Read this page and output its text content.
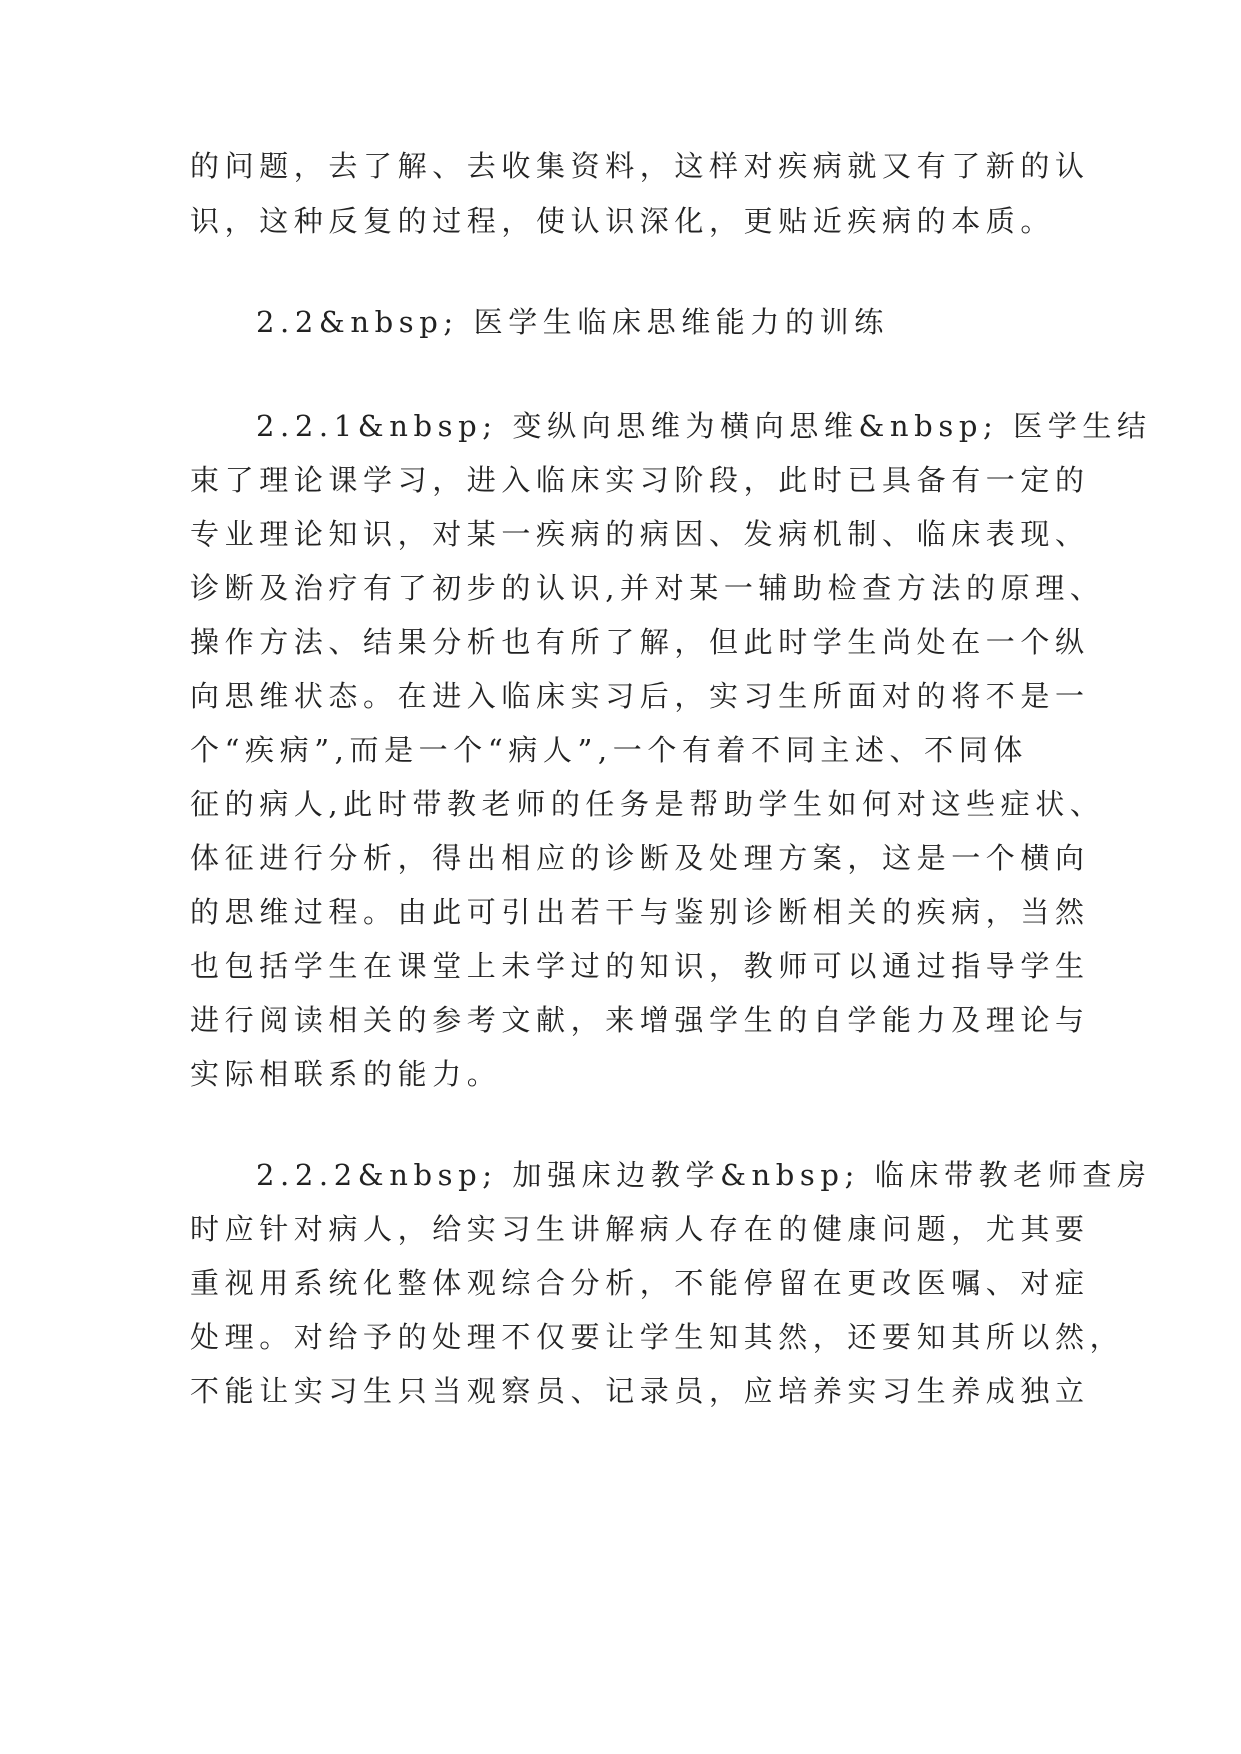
的问题，去了解、去收集资料，这样对疾病就又有了新的认
识，这种反复的过程，使认识深化，更贴近疾病的本质。
2.2&nbsp; 医学生临床思维能力的训练
2.2.1&nbsp; 变纵向思维为横向思维&nbsp; 医学生结
束了理论课学习，进入临床实习阶段，此时已具备有一定的
专业理论知识，对某一疾病的病因、发病机制、临床表现、
诊断及治疗有了初步的认识,并对某一辅助检查方法的原理、
操作方法、结果分析也有所了解，但此时学生尚处在一个纵
向思维状态。在进入临床实习后，实习生所面对的将不是一
个“疾病”,而是一个“病人”,一个有着不同主述、不同体
征的病人,此时带教老师的任务是帮助学生如何对这些症状、
体征进行分析，得出相应的诊断及处理方案，这是一个横向
的思维过程。由此可引出若干与鉴别诊断相关的疾病，当然
也包括学生在课堂上未学过的知识，教师可以通过指导学生
进行阅读相关的参考文献，来增强学生的自学能力及理论与
实际相联系的能力。
2.2.2&nbsp; 加强床边教学&nbsp; 临床带教老师查房
时应针对病人，给实习生讲解病人存在的健康问题，尤其要
重视用系统化整体观综合分析，不能停留在更改医嘱、对症
处理。对给予的处理不仅要让学生知其然，还要知其所以然，
不能让实习生只当观察员、记录员，应培养实习生养成独立
